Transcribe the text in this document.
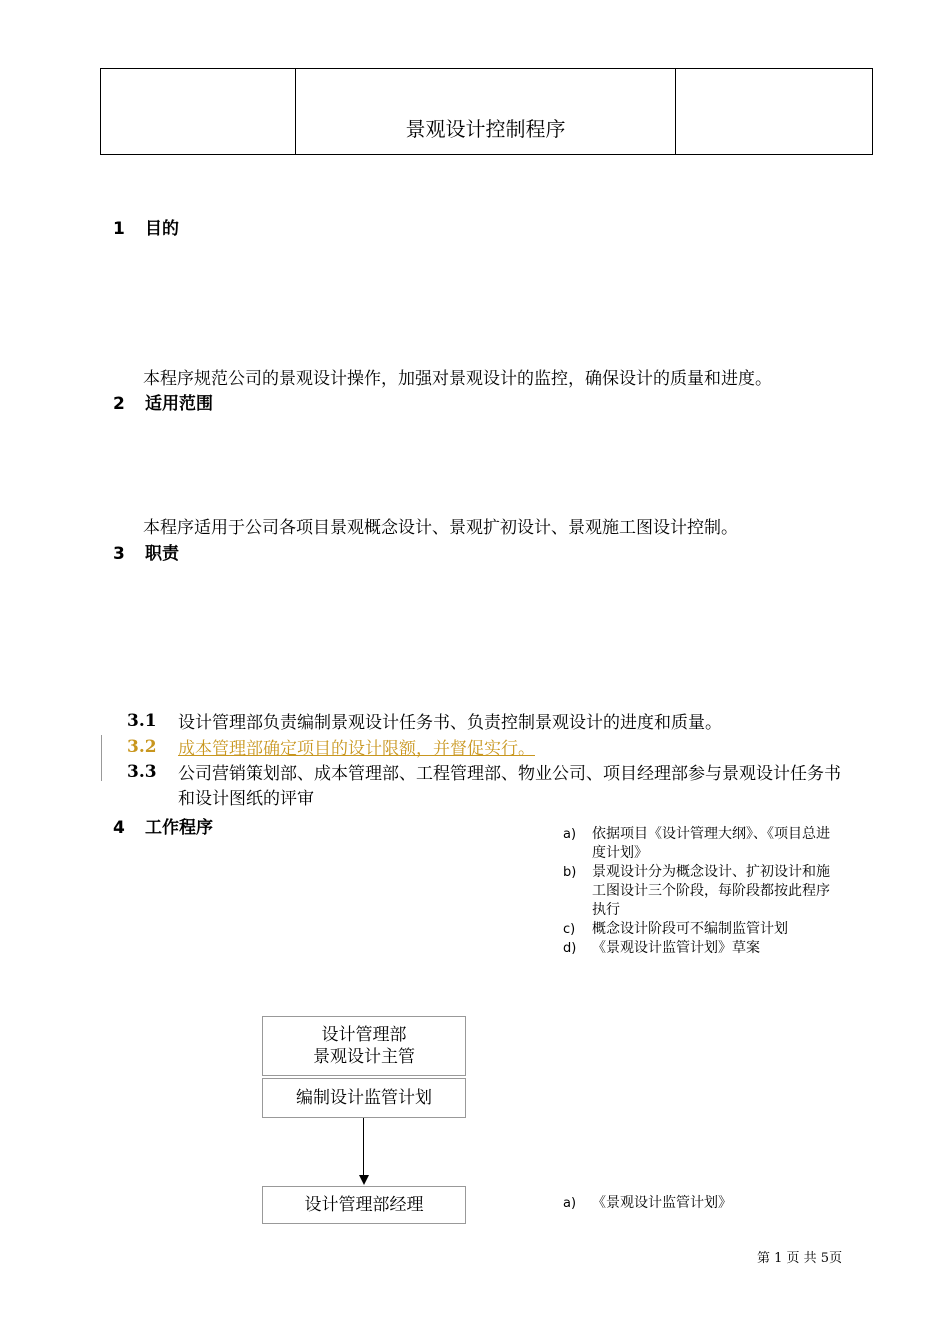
	景观设计控制程序	
1 目的
本程序规范公司的景观设计操作，加强对景观设计的监控，确保设计的质量和进度。
2 适用范围
本程序适用于公司各项目景观概念设计、景观扩初设计、景观施工图设计控制。
3 职责
3.1 设计管理部负责编制景观设计任务书、负责控制景观设计的进度和质量。
3.2 成本管理部确定项目的设计限额，并督促实行。
3.3 公司营销策划部、成本管理部、工程管理部、物业公司、项目经理部参与景观设计任务书和设计图纸的评审
4 工作程序	a) 依据项目《设计管理大纲》、《项目总进度计划》
b) 景观设计分为概念设计、扩初设计和施工图设计三个阶段，每阶段都按此程序执行
c) 概念设计阶段可不编制监管计划
d) 《景观设计监管计划》草案
设计管理部
景观设计主管
编制设计监管计划
设计管理部经理	a) 《景观设计监管计划》
第 1 页 共 5页
